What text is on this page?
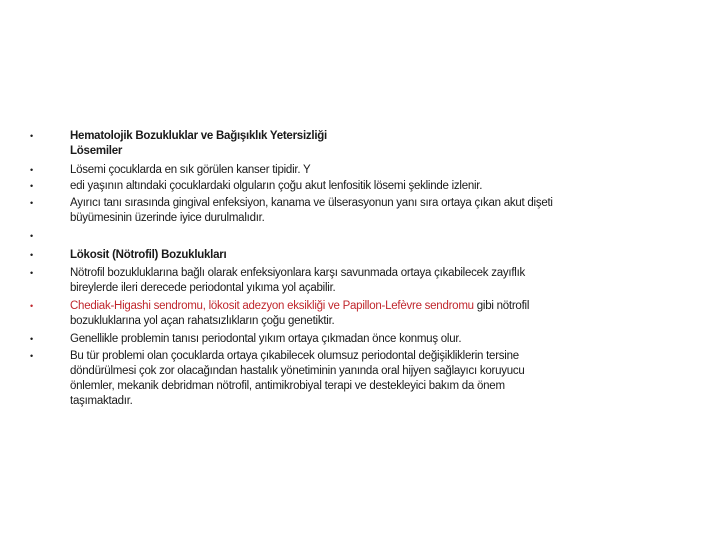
•	Hematolojik Bozukluklar ve Bağışıklık Yetersizliği
Lösemiler
•	Lösemi çocuklarda en sık görülen kanser tipidir. Y
•	edi yaşının altındaki çocuklardaki olguların çoğu akut lenfositik lösemi şeklinde izlenir.
•	Ayırıcı tanı sırasında gingival enfeksiyon, kanama ve ülserasyonun yanı sıra ortaya çıkan akut dişeti
büyümesinin üzerinde iyice durulmalıdır.
•
•	Lökosit (Nötrofil) Bozuklukları
•	Nötrofil bozukluklarına bağlı olarak enfeksiyonlara karşı savunmada ortaya çıkabilecek zayıflık
bireylerde ileri derecede periodontal yıkıma yol açabilir.
•	Chediak-Higashi sendromu, lökosit adezyon eksikliği ve Papillon-Lefèvre sendromu gibi nötrofil
bozukluklarına yol açan rahatsızlıkların çoğu genetiktir.
•	Genellikle problemin tanısı periodontal yıkım ortaya çıkmadan önce konmuş olur.
•	Bu tür problemi olan çocuklarda ortaya çıkabilecek olumsuz periodontal değişikliklerin tersine
döndürülmesi çok zor olacağından hastalık yönetiminin yanında oral hijyen sağlayıcı koruyucu
önlemler, mekanik debridman nötrofil, antimikrobiyal terapi ve destekleyici bakım da önem
taşımaktadır.
